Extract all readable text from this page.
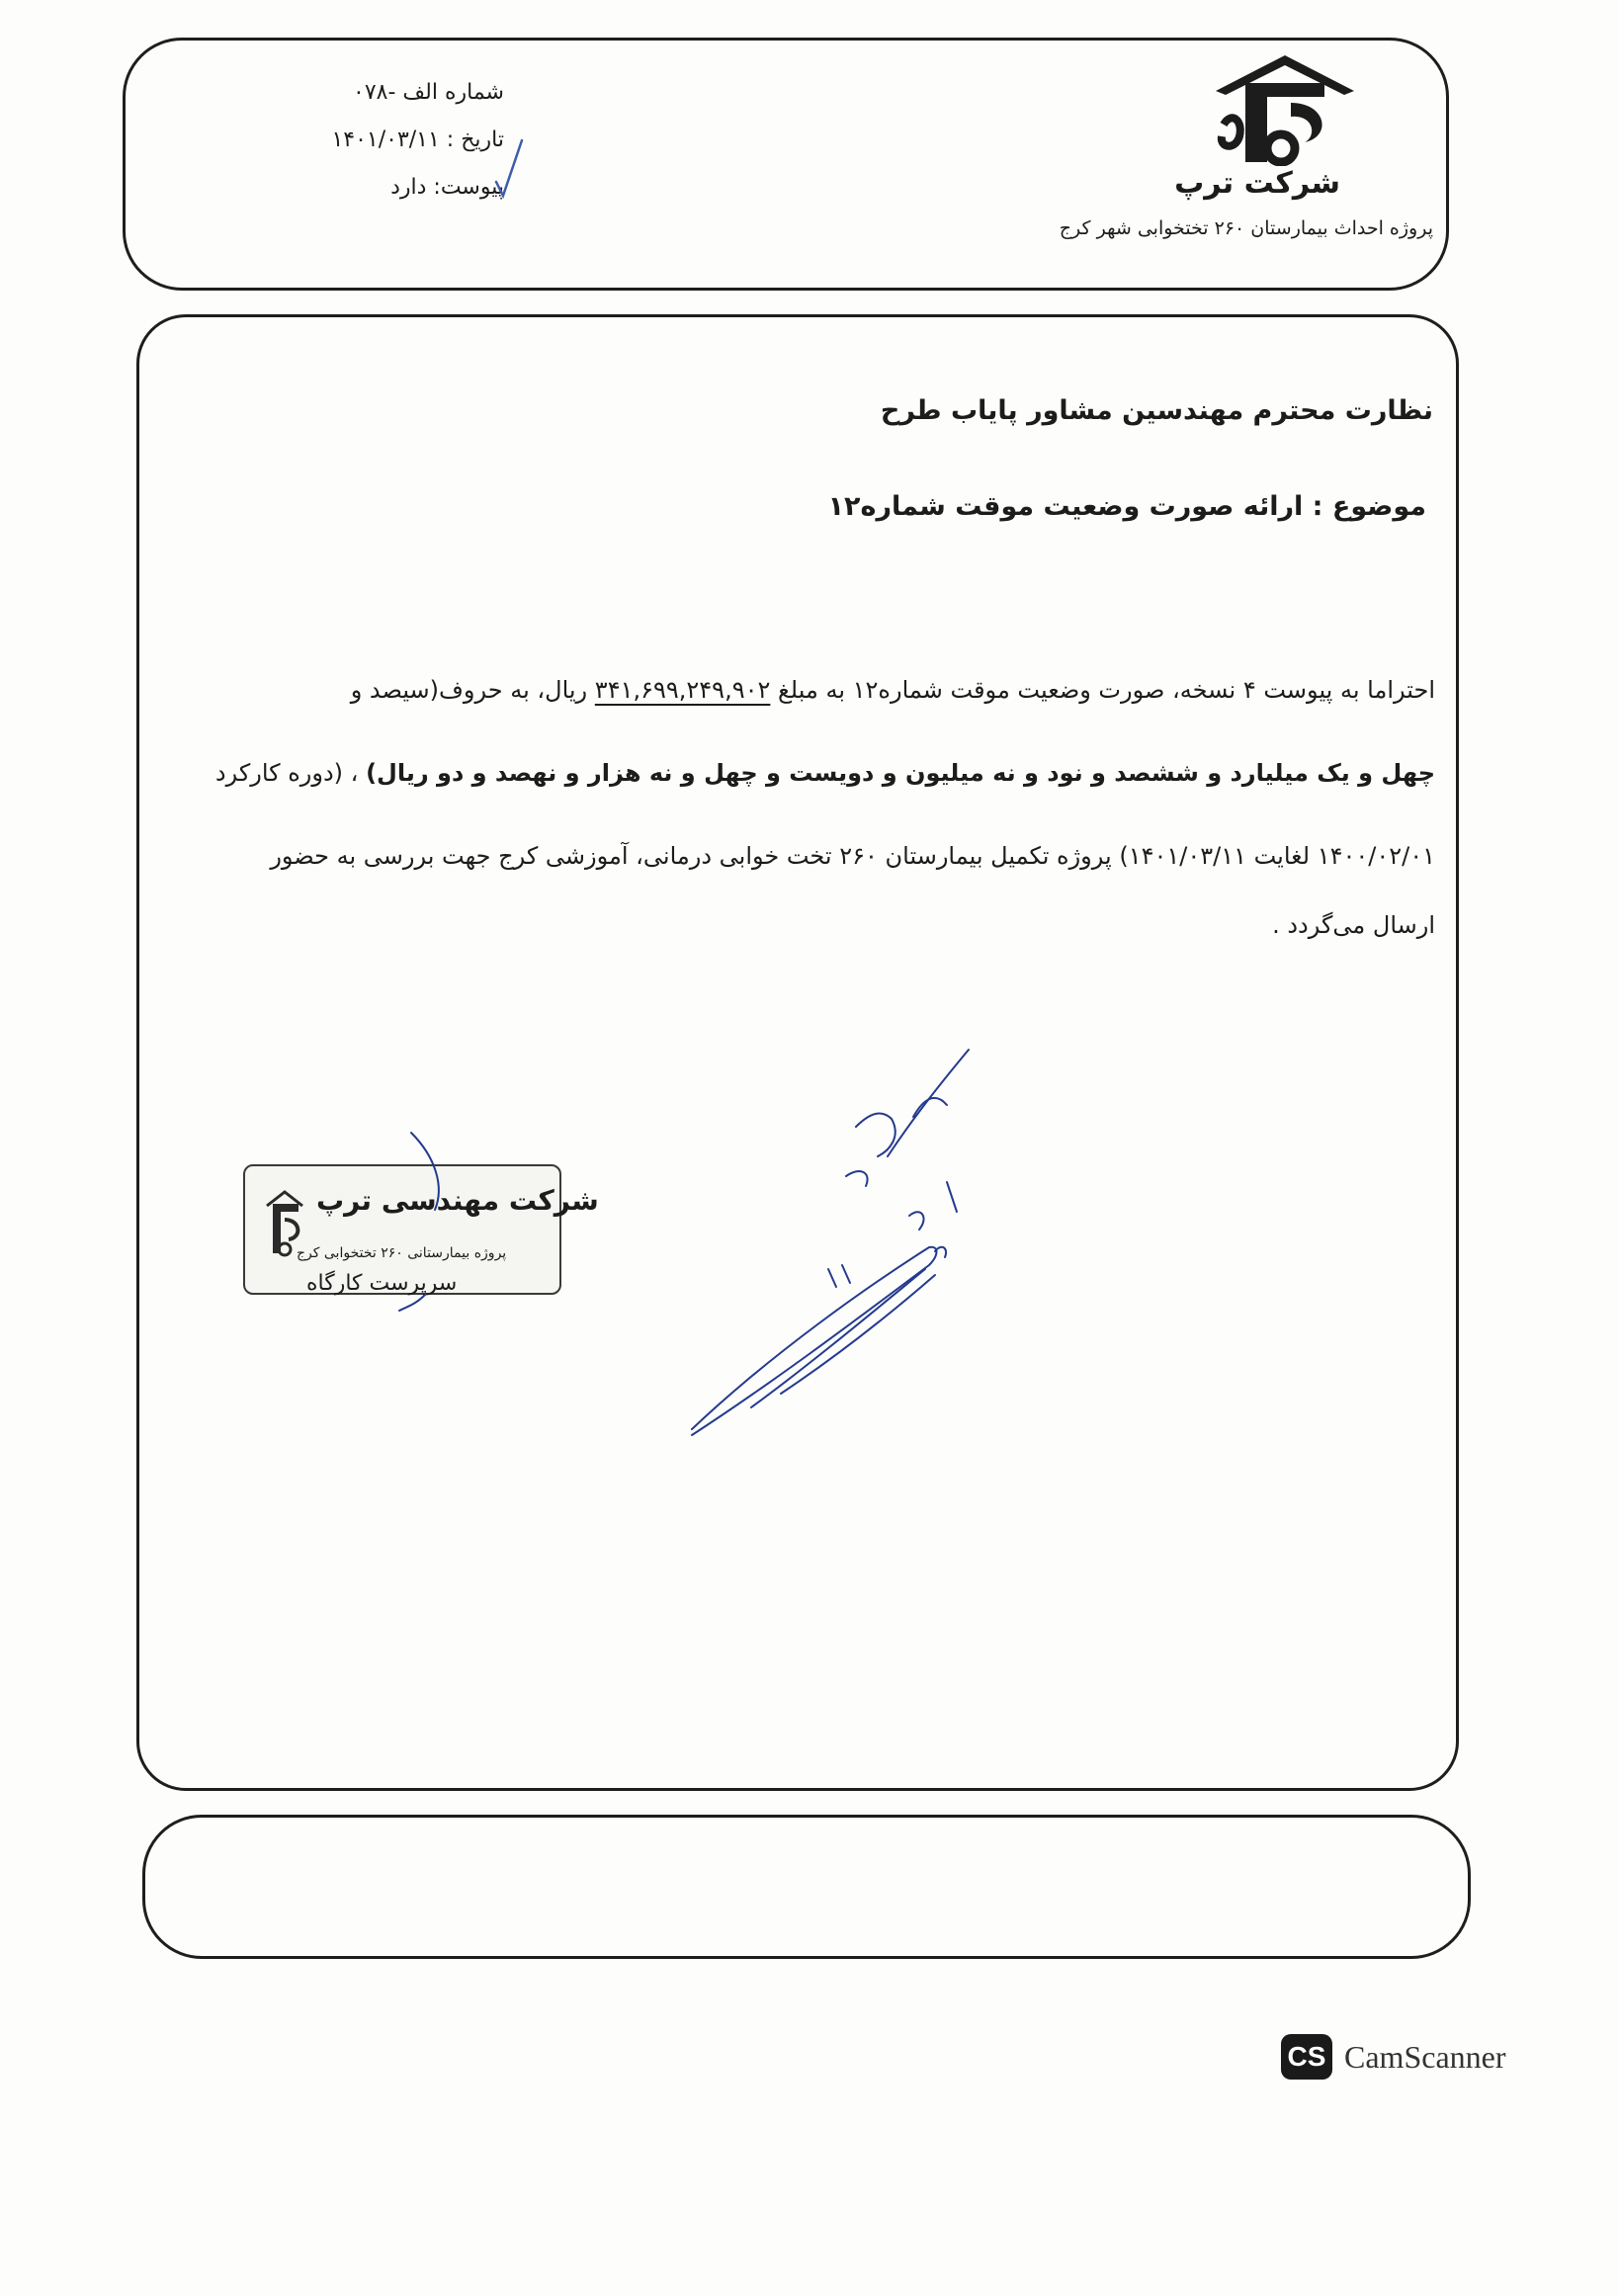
شماره الف -۰۷۸
تاریخ : ۱۴۰۱/۰۳/۱۱
پیوست: دارد	شرکت ترپ
پروژه احداث بیمارستان ۲۶۰ تختخوابی شهر کرج
نظارت محترم مهندسین مشاور پایاب طرح
موضوع : ارائه صورت وضعیت موقت شماره۱۲
احتراما به پیوست ۴ نسخه، صورت وضعیت موقت شماره۱۲ به مبلغ ۳۴۱,۶۹۹,۲۴۹,۹۰۲ ریال، به حروف(سیصد و
چهل و یک میلیارد و ششصد و نود و نه میلیون و دویست و چهل و نه هزار و نهصد و دو ریال) ، (دوره کارکرد
۱۴۰۰/۰۲/۰۱ لغایت ۱۴۰۱/۰۳/۱۱) پروژه تکمیل بیمارستان ۲۶۰ تخت خوابی درمانی، آموزشی کرج جهت بررسی به حضور
ارسال می‌گردد .
شرکت مهندسی ترپ
پروژه بیمارستانی ۲۶۰ تختخوابی کرج
سرپرست کارگاه
CS CamScanner
